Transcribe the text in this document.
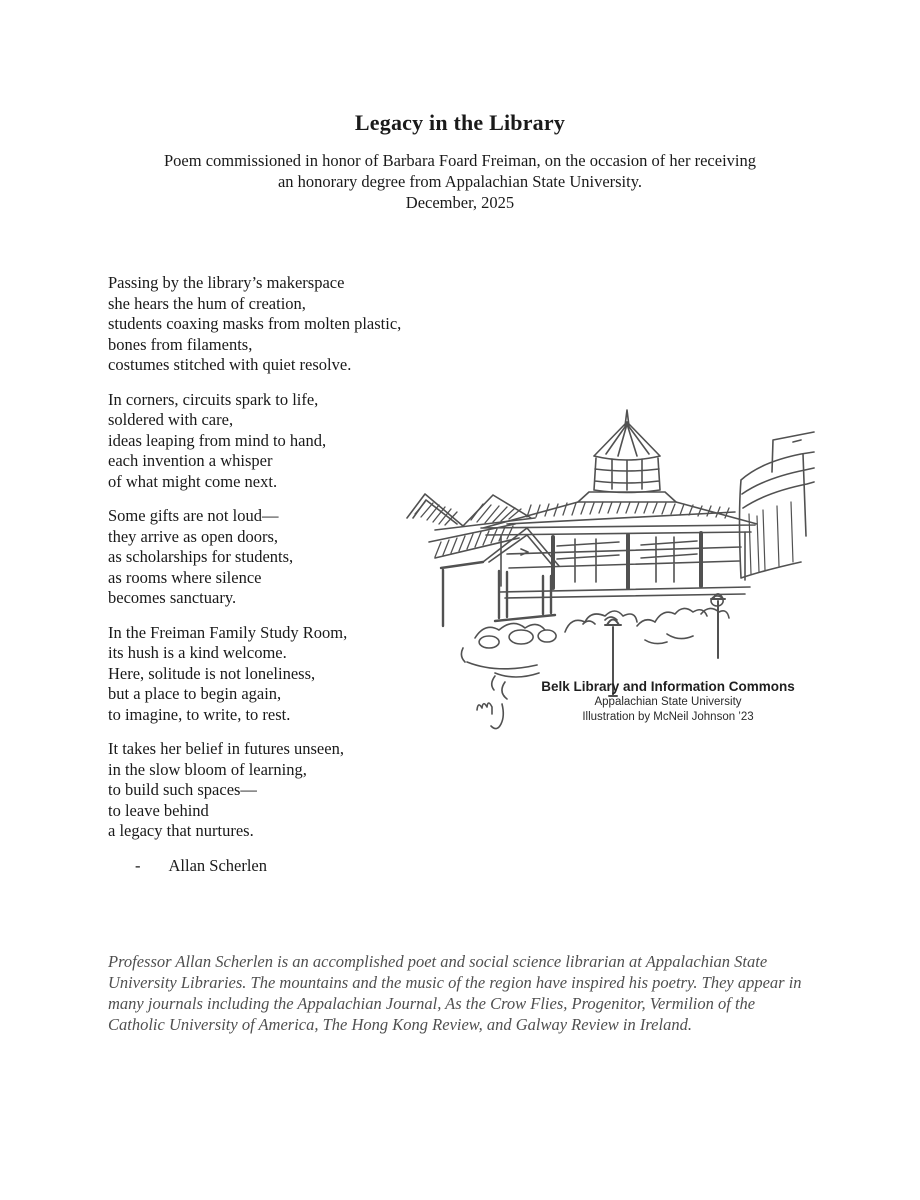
Legacy in the Library
Poem commissioned in honor of Barbara Foard Freiman, on the occasion of her receiving
an honorary degree from Appalachian State University.
December, 2025

Passing by the library’s makerspace
she hears the hum of creation,
students coaxing masks from molten plastic,
bones from filaments,
costumes stitched with quiet resolve.

In corners, circuits spark to life,
soldered with care,
ideas leaping from mind to hand,
each invention a whisper
of what might come next.

Some gifts are not loud—
they arrive as open doors,
as scholarships for students,
as rooms where silence
becomes sanctuary.

In the Freiman Family Study Room,
its hush is a kind welcome.
Here, solitude is not loneliness,
but a place to begin again,
to imagine, to write, to rest.

It takes her belief in futures unseen,
in the slow bloom of learning,
to build such spaces—
to leave behind
a legacy that nurtures.

- Allan Scherlen
Belk Library and Information Commons
Appalachian State University
Illustration by McNeil Johnson ’23

Professor Allan Scherlen is an accomplished poet and social science librarian at Appalachian State University Libraries. The mountains and the music of the region have inspired his poetry. They appear in many journals including the Appalachian Journal, As the Crow Flies, Progenitor, Vermilion of the Catholic University of America, The Hong Kong Review, and Galway Review in Ireland.
